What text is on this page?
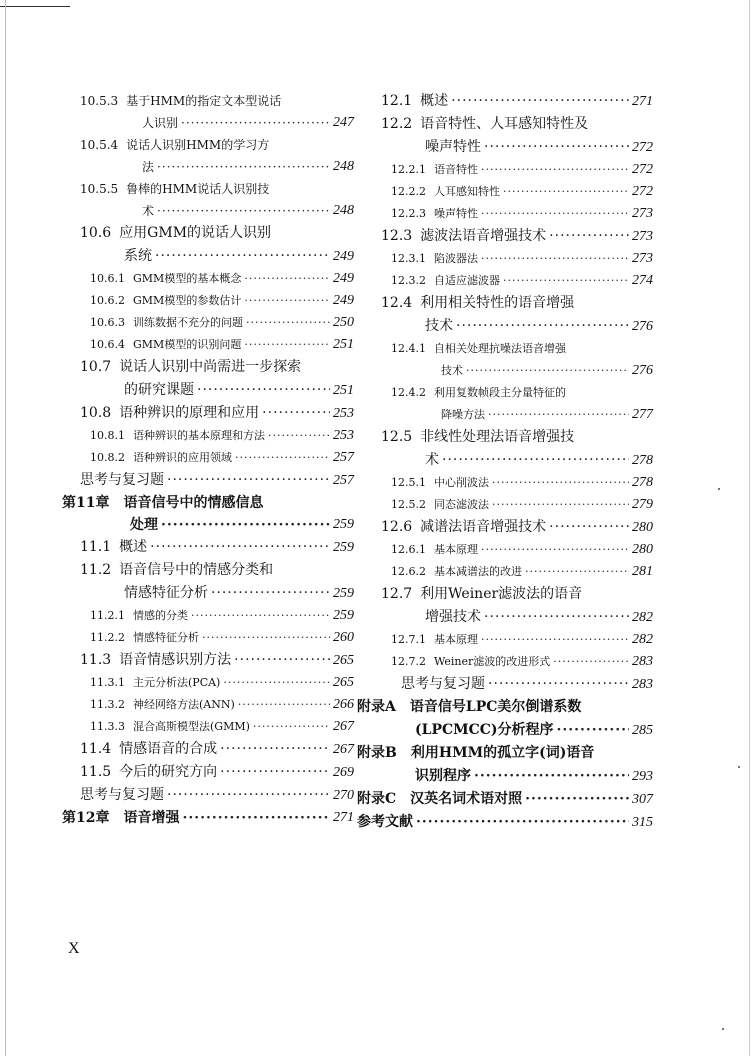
10.5.3 基于HMM的指定文本型说话
人识别 ·····	247
10.5.4 说话人识别HMM的学习方
法 ·····	248
10.5.5 鲁棒的HMM说话人识别技
术 ·····	248
10.6 应用GMM的说话人识别
系统 ·····	249
10.6.1 GMM模型的基本概念 ·····	249
10.6.2 GMM模型的参数估计 ·····	249
10.6.3 训练数据不充分的问题 ·····	250
10.6.4 GMM模型的识别问题 ·····	251
10.7 说话人识别中尚需进一步探索
的研究课题 ·····	251
10.8 语种辨识的原理和应用 ·····	253
10.8.1 语种辨识的基本原理和方法 ·····	253
10.8.2 语种辨识的应用领域 ·····	257
思考与复习题 ·····	257
第11章 语音信号中的情感信息
处理 ·····	259
11.1 概述 ·····	259
11.2 语音信号中的情感分类和
情感特征分析 ·····	259
11.2.1 情感的分类 ·····	259
11.2.2 情感特征分析 ·····	260
11.3 语音情感识别方法 ·····	265
11.3.1 主元分析法(PCA) ·····	265
11.3.2 神经网络方法(ANN) ·····	266
11.3.3 混合高斯模型法(GMM) ·····	267
11.4 情感语音的合成 ·····	267
11.5 今后的研究方向 ·····	269
思考与复习题 ·····	270
第12章 语音增强 ·····	271
12.1 概述 ·····	271
12.2 语音特性、人耳感知特性及
噪声特性 ·····	272
12.2.1 语音特性 ·····	272
12.2.2 人耳感知特性 ·····	272
12.2.3 噪声特性 ·····	273
12.3 滤波法语音增强技术 ·····	273
12.3.1 陷波器法 ·····	273
12.3.2 自适应滤波器 ·····	274
12.4 利用相关特性的语音增强
技术 ·····	276
12.4.1 自相关处理抗噪法语音增强
技术 ·····	276
12.4.2 利用复数帧段主分量特征的
降噪方法 ·····	277
12.5 非线性处理法语音增强技
术 ·····	278
12.5.1 中心削波法 ·····	278
12.5.2 同态滤波法 ·····	279
12.6 减谱法语音增强技术 ·····	280
12.6.1 基本原理 ·····	280
12.6.2 基本减谱法的改进 ·····	281
12.7 利用Weiner滤波法的语音
增强技术 ·····	282
12.7.1 基本原理 ·····	282
12.7.2 Weiner滤波的改进形式 ·····	283
思考与复习题 ·····	283
附录A 语音信号LPC美尔倒谱系数
(LPCMCC)分析程序 ·····	285
附录B 利用HMM的孤立字(词)语音
识别程序 ·····	293
附录C 汉英名词术语对照 ·····	307
参考文献 ·····	315
X
